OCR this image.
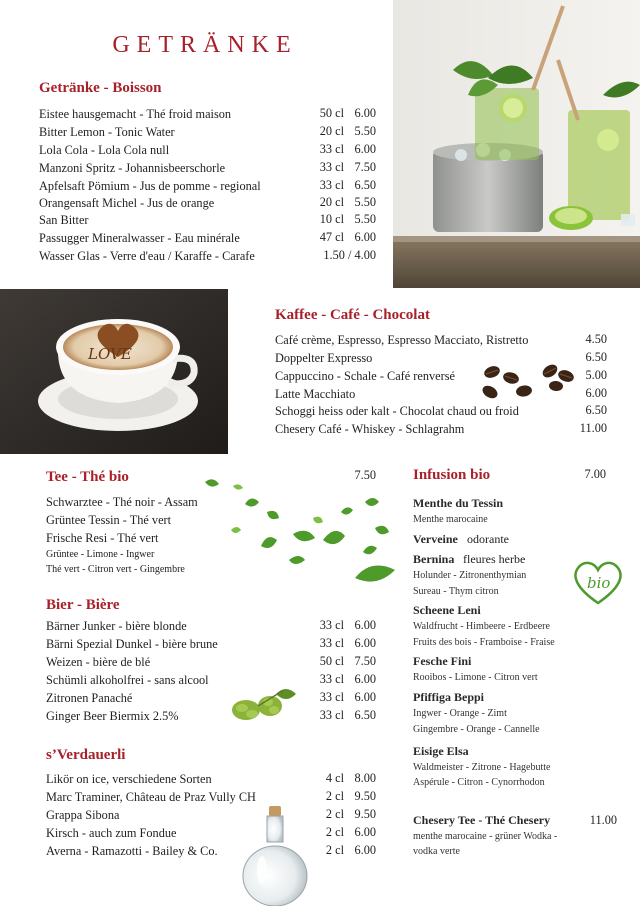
GETRÄNKE
Getränke - Boisson
Eistee hausgemacht - Thé froid maison	50 cl 6.00
Bitter Lemon - Tonic Water	20 cl 5.50
Lola Cola - Lola Cola null	33 cl 6.00
Manzoni Spritz - Johannisbeerschorle	33 cl 7.50
Apfelsaft Pömium - Jus de pomme - regional	33 cl 6.50
Orangensaft Michel - Jus de orange	20 cl 5.50
San Bitter	10 cl 5.50
Passugger Mineralwasser - Eau minérale	47 cl 6.00
Wasser Glas - Verre d'eau / Karaffe - Carafe	1.50 / 4.00
LOVE
Kaffee - Café - Chocolat
Café crème, Espresso, Espresso Macciato, Ristretto	4.50
Doppelter Expresso	6.50
Cappuccino - Schale - Café renversé	5.00
Latte Macchiato	6.00
Schoggi heiss oder kalt - Chocolat chaud ou froid	6.50
Chesery Café - Whiskey - Schlagrahm	11.00
Tee - Thé bio	7.50
Schwarztee - Thé noir - Assam
Grüntee Tessin - Thé vert
Frische Resi - Thé vert
Grüntee - Limone - Ingwer
Thé vert - Citron vert - Gingembre
Bier - Bière
Bärner Junker - bière blonde	33 cl 6.00
Bärni Spezial Dunkel - bière brune	33 cl 6.00
Weizen - bière de blé	50 cl 7.50
Schümli alkoholfrei - sans alcool	33 cl 6.00
Zitronen Panaché	33 cl 6.00
Ginger Beer Biermix 2.5%	33 cl 6.50
s’Verdauerli
Likör on ice, verschiedene Sorten	4 cl 8.00
Marc Traminer, Château de Praz Vully CH	2 cl 9.50
Grappa Sibona	2 cl 9.50
Kirsch - auch zum Fondue	2 cl 6.00
Averna - Ramazotti - Bailey & Co.	2 cl 6.00
Infusion bio	7.00
Menthe du Tessin
Menthe marocaine
Verveine odorante
Bernina fleures herbe
Holunder - Zitronenthymian
Sureau - Thym citron
Scheene Leni
Waldfrucht - Himbeere - Erdbeere
Fruits des bois - Framboise - Fraise
Fesche Fini
Rooibos - Limone - Citron vert
Pfiffiga Beppi
Ingwer - Orange - Zimt
Gingembre - Orange - Cannelle
Eisige Elsa
Waldmeister - Zitrone - Hagebutte
Aspérule - Citron - Cynorrhodon
Chesery Tee - Thé Chesery	11.00
menthe marocaine - grüner Wodka -
vodka verte
bio
